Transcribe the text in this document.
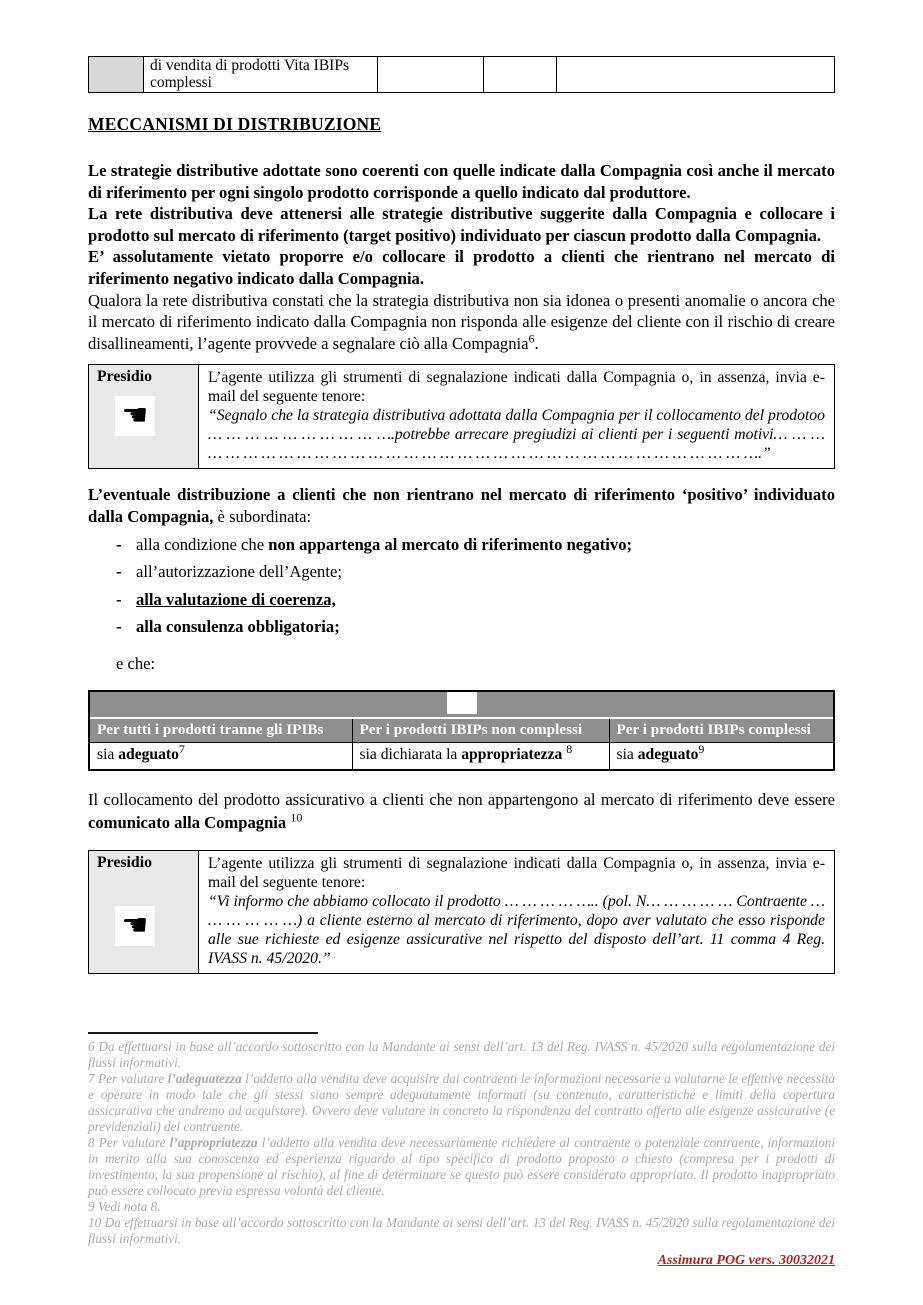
	di vendita di prodotti Vita IBIPs complessi			
MECCANISMI DI DISTRIBUZIONE

Le strategie distributive adottate sono coerenti con quelle indicate dalla Compagnia così anche il mercato di riferimento per ogni singolo prodotto corrisponde a quello indicato dal produttore.

La rete distributiva deve attenersi alle strategie distributive suggerite dalla Compagnia e collocare i prodotto sul mercato di riferimento (target positivo) individuato per ciascun prodotto dalla Compagnia.

E’ assolutamente vietato proporre e/o collocare il prodotto a clienti che rientrano nel mercato di riferimento negativo indicato dalla Compagnia.

Qualora la rete distributiva constati che la strategia distributiva non sia idonea o presenti anomalie o ancora che il mercato di riferimento indicato dalla Compagnia non risponda alle esigenze del cliente con il rischio di creare disallineamenti, l’agente provvede a segnalare ciò alla Compagnia$^6$.

Presidio
☚
	L’agente utilizza gli strumenti di segnalazione indicati dalla Compagnia o, in assenza, invia e-mail del seguente tenore:
“Segnalo che la strategia distributiva adottata dalla Compagnia per il collocamento del prodotoo … … … … … … … … … ….potrebbe arrecare pregiudizi ai clienti per i seguenti motivi… … … … … … … … … … … … … … … … … … … … … … … … … … … … … … … … … ….”

L’eventuale distribuzione a clienti che non rientrano nel mercato di riferimento ‘positivo’ individuato dalla Compagnia, è subordinata:

- alla condizione che non appartenga al mercato di riferimento negativo;
- all’autorizzazione dell’Agente;
- alla valutazione di coerenza,
- alla consulenza obbligatoria;

e che:

Per tutti i prodotti tranne gli IPIBs	Per i prodotti IBIPs non complessi	Per i prodotti IBIPs complessi
sia adeguato$^7$	sia dichiarata la appropriatezza $^8$	sia adeguato$^9$

Il collocamento del prodotto assicurativo a clienti che non appartengono al mercato di riferimento deve essere comunicato alla Compagnia $^{10}$

Presidio
☚
	L’agente utilizza gli strumenti di segnalazione indicati dalla Compagnia o, in assenza, invia e-mail del seguente tenore:
“Vi informo che abbiamo collocato il prodotto … … … … ….. (pol. N… … … … … Contraente … … … … … …) a cliente esterno al mercato di riferimento, dopo aver valutato che esso risponde alle sue richieste ed esigenze assicurative nel rispetto del disposto dell’art. 11 comma 4 Reg. IVASS n. 45/2020.”

6 Da effettuarsi in base all’accordo sottoscritto con la Mandante ai sensi dell’art. 13 del Reg. IVASS n. 45/2020 sulla regolamentazione dei flussi informativi.

7 Per valutare l’adeguatezza l’addetto alla vendita deve acquisire dai contraenti le informazioni necessarie a valutarne le effettive necessità e operare in modo tale che gli stessi siano sempre adeguatamente informati (su contenuto, caratteristiche e limiti della copertura assicurativa che andremo ad acquistare). Ovvero deve valutare in concreto la rispondenza del contratto offerto alle esigenze assicurative (e previdenziali) del contraente.

8 Per valutare l’appropriatezza l’addetto alla vendita deve necessariamente richiedere al contraente o potenziale contraente, informazioni in merito alla sua conoscenza ed esperienza riguardo al tipo specifico di prodotto proposto o chiesto (compresa per i prodotti di investimento, la sua propensione al rischio), al fine di determinare se questo può essere considerato appropriato. Il prodotto inappropriato può essere collocato previa espressa volontà del cliente.

9 Vedi nota 8.

10 Da effettuarsi in base all’accordo sottoscritto con la Mandante ai sensi dell’art. 13 del Reg. IVASS n. 45/2020 sulla regolamentazione dei flussi informativi.

Assimura POG vers. 30032021
